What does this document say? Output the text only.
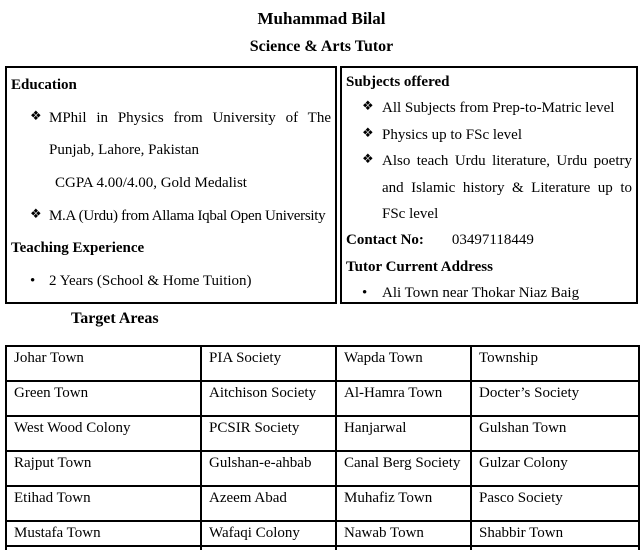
Muhammad Bilal
Science & Arts Tutor
Education
❖ MPhil in Physics from University of The Punjab, Lahore, Pakistan
CGPA 4.00/4.00, Gold Medalist
❖ M.A (Urdu) from Allama Iqbal Open University
Teaching Experience
• 2 Years (School & Home Tuition)
Subjects offered
❖ All Subjects from Prep-to-Matric level
❖ Physics up to FSc level
❖ Also teach Urdu literature, Urdu poetry and Islamic history & Literature up to FSc level
Contact No: 03497118449
Tutor Current Address
• Ali Town near Thokar Niaz Baig
Target Areas
Johar Town	PIA Society	Wapda Town	Township
Green Town	Aitchison Society	Al-Hamra Town	Docter’s Society
West Wood Colony	PCSIR Society	Hanjarwal	Gulshan Town
Rajput Town	Gulshan-e-ahbab	Canal Berg Society	Gulzar Colony
Etihad Town	Azeem Abad	Muhafiz Town	Pasco Society
Mustafa Town	Wafaqi Colony	Nawab Town	Shabbir Town
